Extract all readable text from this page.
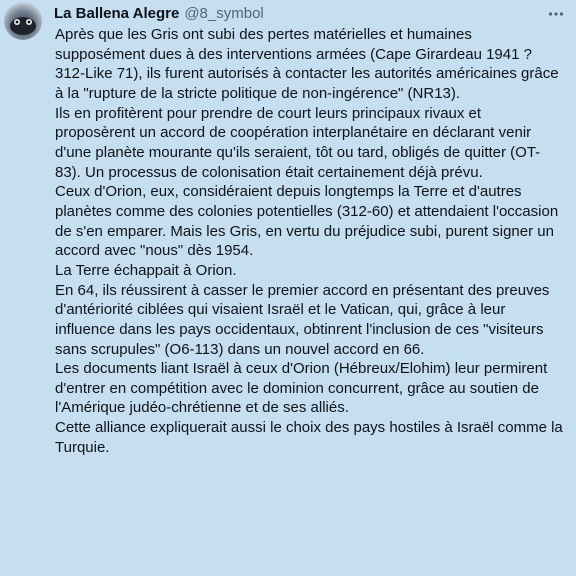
La Ballena Alegre @8_symbol

Après que les Gris ont subi des pertes matérielles et humaines supposément dues à des interventions armées (Cape Girardeau 1941 ? 312-Like 71), ils furent autorisés à contacter les autorités américaines grâce à la "rupture de la stricte politique de non-ingérence" (NR13).

Ils en profitèrent pour prendre de court leurs principaux rivaux et proposèrent un accord de coopération interplanétaire en déclarant venir d'une planète mourante qu'ils seraient, tôt ou tard, obligés de quitter (OT-83). Un processus de colonisation était certainement déjà prévu.

Ceux d'Orion, eux, considéraient depuis longtemps la Terre et d'autres planètes comme des colonies potentielles (312-60) et attendaient l'occasion de s'en emparer. Mais les Gris, en vertu du préjudice subi, purent signer un accord avec "nous" dès 1954.

La Terre échappait à Orion.

En 64, ils réussirent à casser le premier accord en présentant des preuves d'antériorité ciblées qui visaient Israël et le Vatican, qui, grâce à leur influence dans les pays occidentaux, obtinrent l'inclusion de ces "visiteurs sans scrupules" (O6-113) dans un nouvel accord en 66.

Les documents liant Israël à ceux d'Orion (Hébreux/Elohim) leur permirent d'entrer en compétition avec le dominion concurrent, grâce au soutien de l'Amérique judéo-chrétienne et de ses alliés.

Cette alliance expliquerait aussi le choix des pays hostiles à Israël comme la Turquie.
